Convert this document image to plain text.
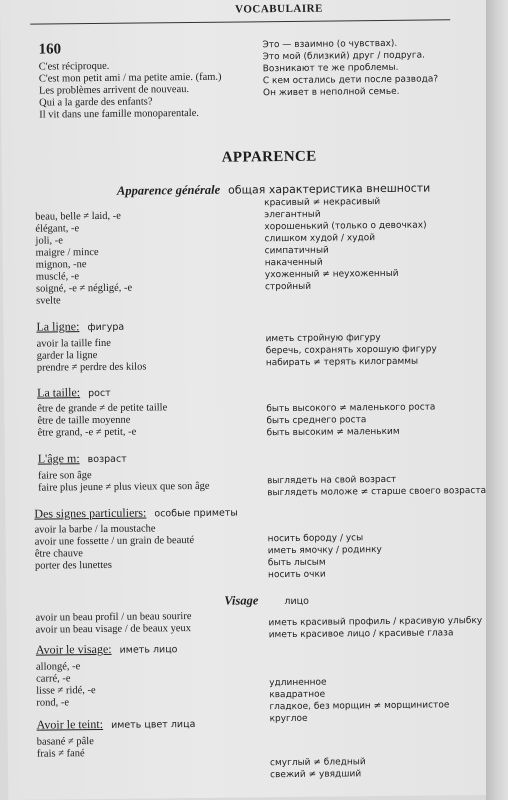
VOCABULAIRE
160
C'est réciproque.
C'est mon petit ami / ma petite amie. (fam.)
Les problèmes arrivent de nouveau.
Qui a la garde des enfants?
Il vit dans une famille monoparentale.
Это — взаимно (о чувствах).
Это мой (близкий) друг / подруга.
Возникают те же проблемы.
С кем остались дети после развода?
Он живет в неполной семье.
APPARENCE
Apparence générale общая характеристика внешности
beau, belle ≠ laid, -e
élégant, -e
joli, -e
maigre / mince
mignon, -ne
musclé, -e
soigné, -e ≠ négligé, -e
svelte
красивый ≠ некрасивый
элегантный
хорошенький (только о девочках)
слишком худой / худой
симпатичный
накаченный
ухоженный ≠ неухоженный
стройный
La ligne: фигура
avoir la taille fine
garder la ligne
prendre ≠ perdre des kilos
иметь стройную фигуру
беречь, сохранять хорошую фигуру
набирать ≠ терять килограммы
La taille: рост
être de grande ≠ de petite taille
être de taille moyenne
être grand, -e ≠ petit, -e
быть высокого ≠ маленького роста
быть среднего роста
быть высоким ≠ маленьким
L'âge m: возраст
faire son âge
faire plus jeune ≠ plus vieux que son âge
выглядеть на свой возраст
выглядеть моложе ≠ старше своего возраста
Des signes particuliers: особые приметы
avoir la barbe / la moustache
avoir une fossette / un grain de beauté
être chauve
porter des lunettes
носить бороду / усы
иметь ямочку / родинку
быть лысым
носить очки
Visage	лицо
avoir un beau profil / un beau sourire
avoir un beau visage / de beaux yeux
иметь красивый профиль / красивую улыбку
иметь красивое лицо / красивые глаза
Avoir le visage: иметь лицо
allongé, -e
carré, -e
lisse ≠ ridé, -e
rond, -e
удлиненное
квадратное
гладкое, без морщин ≠ морщинистое
круглое
Avoir le teint: иметь цвет лица
basané ≠ pâle
frais ≠ fané
смуглый ≠ бледный
свежий ≠ увядший
